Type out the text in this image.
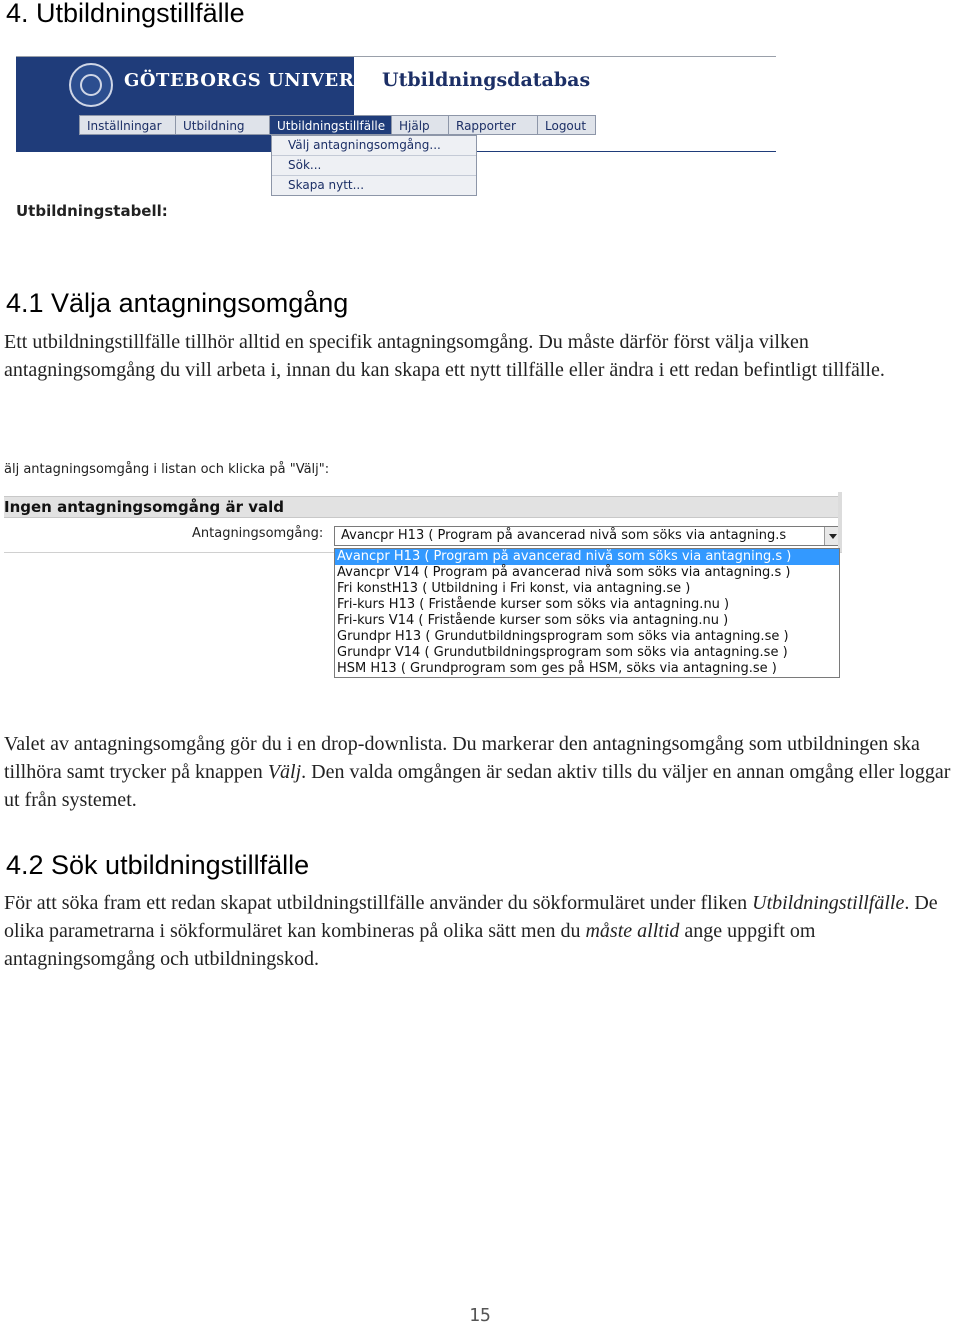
4. Utbildningstillfälle
GÖTEBORGS UNIVERSITET
Utbildningsdatabas
Inställningar	Utbildning	Utbildningstillfälle	Hjälp	Rapporter	Logout
Välj antagningsomgång...
Sök...
Skapa nytt...
Utbildningstabell:
4.1 Välja antagningsomgång

Ett utbildningstillfälle tillhör alltid en specifik antagningsomgång. Du måste därför först välja vilken antagningsomgång du vill arbeta i, innan du kan skapa ett nytt tillfälle eller ändra i ett redan befintligt tillfälle.

älj antagningsomgång i listan och klicka på "Välj":
Ingen antagningsomgång är vald
Antagningsomgång: Avancpr H13 ( Program på avancerad nivå som söks via antagning.s
Avancpr H13 ( Program på avancerad nivå som söks via antagning.s )
Avancpr V14 ( Program på avancerad nivå som söks via antagning.s )
Fri konstH13 ( Utbildning i Fri konst, via antagning.se )
Fri-kurs H13 ( Fristående kurser som söks via antagning.nu )
Fri-kurs V14 ( Fristående kurser som söks via antagning.nu )
Grundpr H13 ( Grundutbildningsprogram som söks via antagning.se )
Grundpr V14 ( Grundutbildningsprogram som söks via antagning.se )
HSM H13 ( Grundprogram som ges på HSM, söks via antagning.se )

Valet av antagningsomgång gör du i en drop-downlista. Du markerar den antagningsomgång som utbildningen ska tillhöra samt trycker på knappen Välj. Den valda omgången är sedan aktiv tills du väljer en annan omgång eller loggar ut från systemet.

4.2 Sök utbildningstillfälle

För att söka fram ett redan skapat utbildningstillfälle använder du sökformuläret under fliken Utbildningstillfälle. De olika parametrarna i sökformuläret kan kombineras på olika sätt men du måste alltid ange uppgift om antagningsomgång och utbildningskod.

15
